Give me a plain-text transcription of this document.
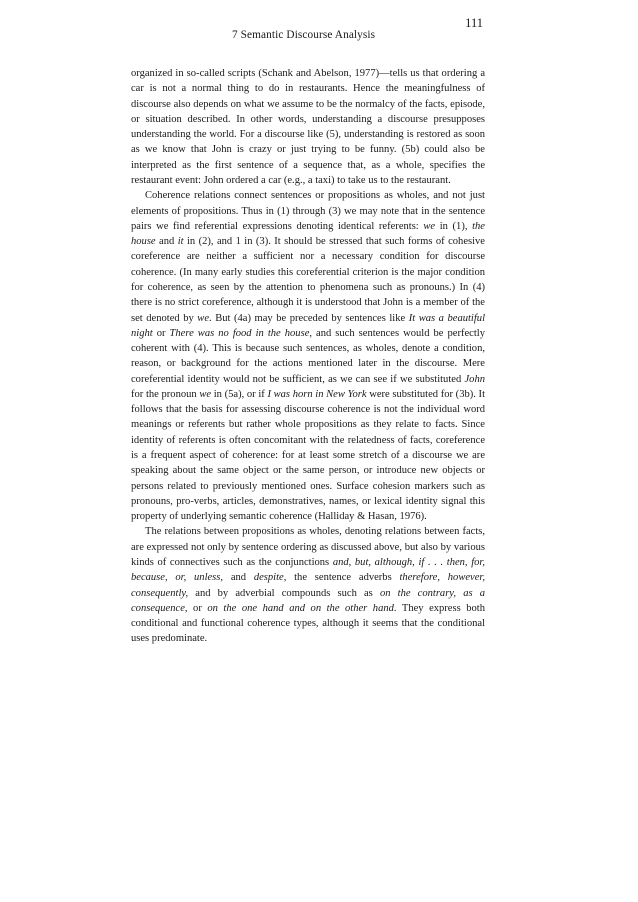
7 Semantic Discourse Analysis
111

organized in so-called scripts (Schank and Abelson, 1977)—tells us that ordering a car is not a normal thing to do in restaurants. Hence the meaningfulness of discourse also depends on what we assume to be the normalcy of the facts, episode, or situation described. In other words, understanding a discourse presupposes understanding the world. For a discourse like (5), understanding is restored as soon as we know that John is crazy or just trying to be funny. (5b) could also be interpreted as the first sentence of a sequence that, as a whole, specifies the restaurant event: John ordered a car (e.g., a taxi) to take us to the restaurant.

Coherence relations connect sentences or propositions as wholes, and not just elements of propositions. Thus in (1) through (3) we may note that in the sentence pairs we find referential expressions denoting identical referents: we in (1), the house and it in (2), and 1 in (3). It should be stressed that such forms of cohesive coreference are neither a sufficient nor a necessary condition for discourse coherence. (In many early studies this coreferential criterion is the major condition for coherence, as seen by the attention to phenomena such as pronouns.) In (4) there is no strict coreference, although it is understood that John is a member of the set denoted by we. But (4a) may be preceded by sentences like It was a beautiful night or There was no food in the house, and such sentences would be perfectly coherent with (4). This is because such sentences, as wholes, denote a condition, reason, or background for the actions mentioned later in the discourse. Mere coreferential identity would not be sufficient, as we can see if we substituted John for the pronoun we in (5a), or if I was horn in New York were substituted for (3b). It follows that the basis for assessing discourse coherence is not the individual word meanings or referents but rather whole propositions as they relate to facts. Since identity of referents is often concomitant with the relatedness of facts, coreference is a frequent aspect of coherence: for at least some stretch of a discourse we are speaking about the same object or the same person, or introduce new objects or persons related to previously mentioned ones. Surface cohesion markers such as pronouns, pro-verbs, articles, demonstratives, names, or lexical identity signal this property of underlying semantic coherence (Halliday & Hasan, 1976).

The relations between propositions as wholes, denoting relations between facts, are expressed not only by sentence ordering as discussed above, but also by various kinds of connectives such as the conjunctions and, but, although, if . . . then, for, because, or, unless, and despite, the sentence adverbs therefore, however, consequently, and by adverbial compounds such as on the contrary, as a consequence, or on the one hand and on the other hand. They express both conditional and functional coherence types, although it seems that the conditional uses predominate.
